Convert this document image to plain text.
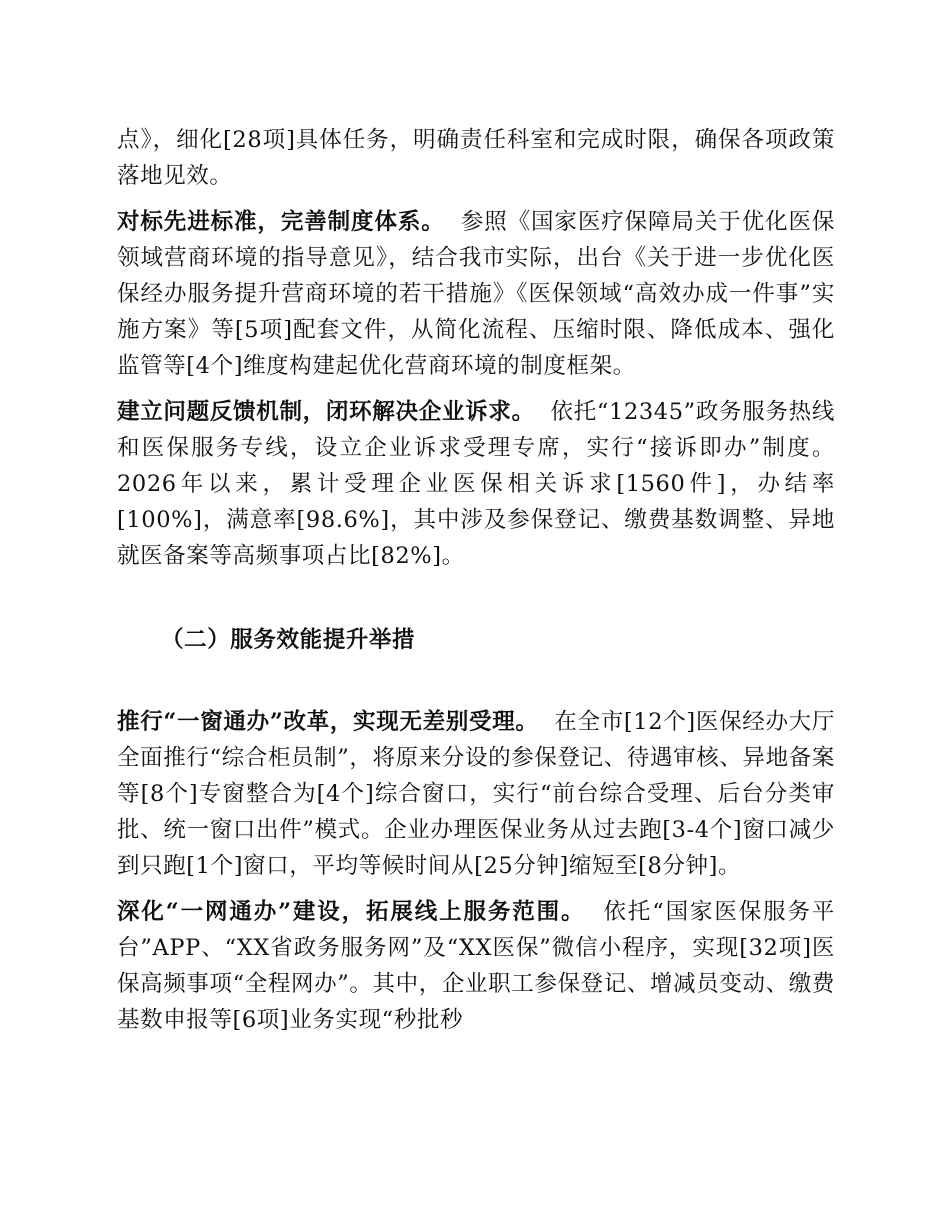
点》，细化[28项]具体任务，明确责任科室和完成时限，确保各项政策落地见效。

对标先进标准，完善制度体系。 参照《国家医疗保障局关于优化医保领域营商环境的指导意见》，结合我市实际，出台《关于进一步优化医保经办服务提升营商环境的若干措施》《医保领域“高效办成一件事”实施方案》等[5项]配套文件，从简化流程、压缩时限、降低成本、强化监管等[4个]维度构建起优化营商环境的制度框架。

建立问题反馈机制，闭环解决企业诉求。 依托“12345”政务服务热线和医保服务专线，设立企业诉求受理专席，实行“接诉即办”制度。2026年以来，累计受理企业医保相关诉求[1560件]，办结率[100%]，满意率[98.6%]，其中涉及参保登记、缴费基数调整、异地就医备案等高频事项占比[82%]。

（二）服务效能提升举措

推行“一窗通办”改革，实现无差别受理。 在全市[12个]医保经办大厅全面推行“综合柜员制”，将原来分设的参保登记、待遇审核、异地备案等[8个]专窗整合为[4个]综合窗口，实行“前台综合受理、后台分类审批、统一窗口出件”模式。企业办理医保业务从过去跑[3-4个]窗口减少到只跑[1个]窗口，平均等候时间从[25分钟]缩短至[8分钟]。

深化“一网通办”建设，拓展线上服务范围。 依托“国家医保服务平台”APP、“XX省政务服务网”及“XX医保”微信小程序，实现[32项]医保高频事项“全程网办”。其中，企业职工参保登记、增减员变动、缴费基数申报等[6项]业务实现“秒批秒
